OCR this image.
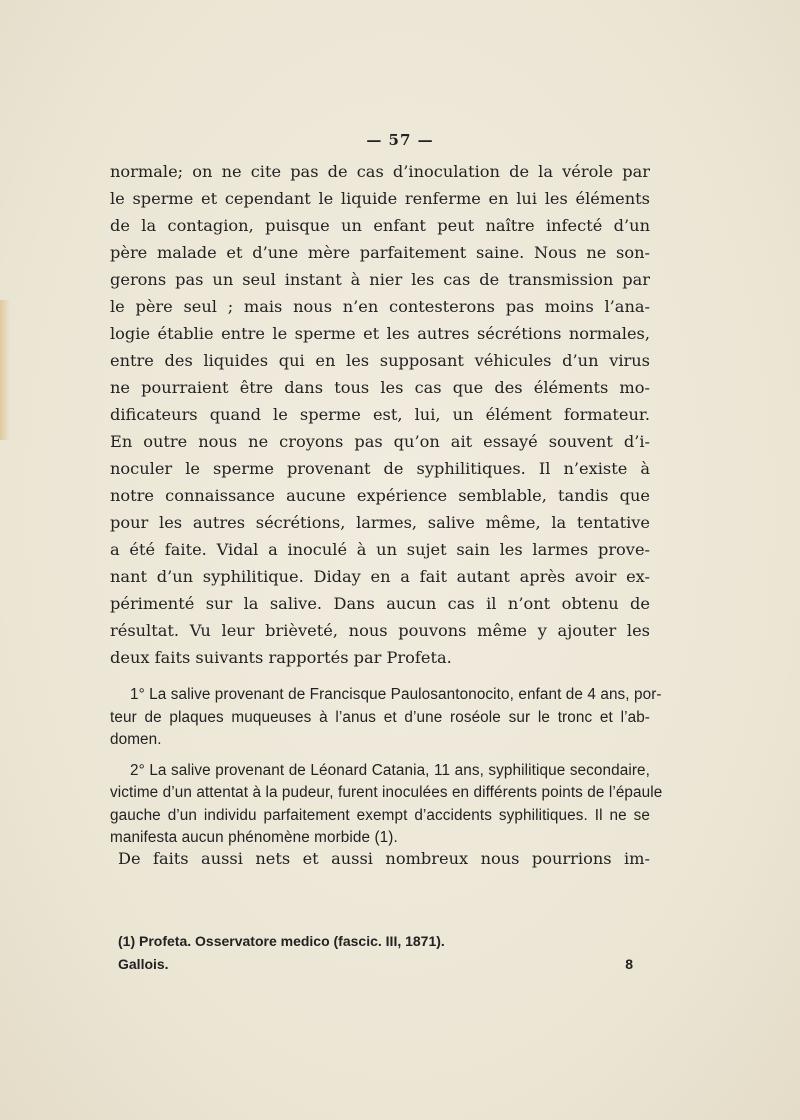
— 57 —
normale; on ne cite pas de cas d’inoculation de la vérole par
le sperme et cependant le liquide renferme en lui les éléments
de la contagion, puisque un enfant peut naître infecté d’un
père malade et d’une mère parfaitement saine. Nous ne son-
gerons pas un seul instant à nier les cas de transmission par
le père seul ; mais nous n’en contesterons pas moins l’ana-
logie établie entre le sperme et les autres sécrétions normales,
entre des liquides qui en les supposant véhicules d’un virus
ne pourraient être dans tous les cas que des éléments mo-
dificateurs quand le sperme est, lui, un élément formateur.
En outre nous ne croyons pas qu’on ait essayé souvent d’i-
noculer le sperme provenant de syphilitiques. Il n’existe à
notre connaissance aucune expérience semblable, tandis que
pour les autres sécrétions, larmes, salive même, la tentative
a été faite. Vidal a inoculé à un sujet sain les larmes prove-
nant d’un syphilitique. Diday en a fait autant après avoir ex-
périmenté sur la salive. Dans aucun cas il n’ont obtenu de
résultat. Vu leur brièveté, nous pouvons même y ajouter les
deux faits suivants rapportés par Profeta.
1° La salive provenant de Francisque Paulosantonocito, enfant de 4 ans, por-
teur de plaques muqueuses à l’anus et d’une roséole sur le tronc et l’ab-
domen.
2° La salive provenant de Léonard Catania, 11 ans, syphilitique secondaire,
victime d’un attentat à la pudeur, furent inoculées en différents points de l’épaule
gauche d’un individu parfaitement exempt d’accidents syphilitiques. Il ne se
manifesta aucun phénomène morbide (1).
De faits aussi nets et aussi nombreux nous pourrions im-
(1) Profeta. Osservatore medico (fascic. III, 1871).
Gallois.	8
